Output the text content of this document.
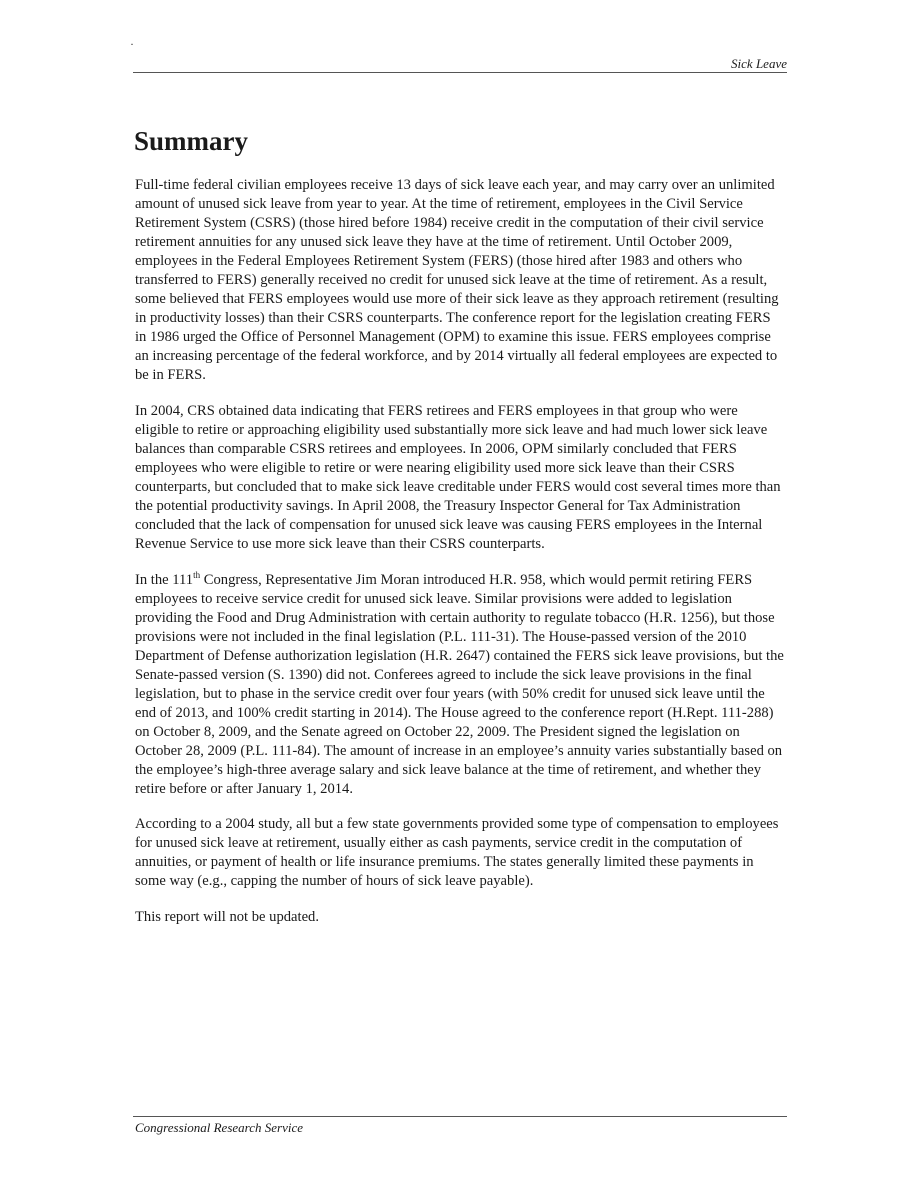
·
Sick Leave
Summary

Full-time federal civilian employees receive 13 days of sick leave each year, and may carry over an unlimited amount of unused sick leave from year to year. At the time of retirement, employees in the Civil Service Retirement System (CSRS) (those hired before 1984) receive credit in the computation of their civil service retirement annuities for any unused sick leave they have at the time of retirement. Until October 2009, employees in the Federal Employees Retirement System (FERS) (those hired after 1983 and others who transferred to FERS) generally received no credit for unused sick leave at the time of retirement. As a result, some believed that FERS employees would use more of their sick leave as they approach retirement (resulting in productivity losses) than their CSRS counterparts. The conference report for the legislation creating FERS in 1986 urged the Office of Personnel Management (OPM) to examine this issue. FERS employees comprise an increasing percentage of the federal workforce, and by 2014 virtually all federal employees are expected to be in FERS.

In 2004, CRS obtained data indicating that FERS retirees and FERS employees in that group who were eligible to retire or approaching eligibility used substantially more sick leave and had much lower sick leave balances than comparable CSRS retirees and employees. In 2006, OPM similarly concluded that FERS employees who were eligible to retire or were nearing eligibility used more sick leave than their CSRS counterparts, but concluded that to make sick leave creditable under FERS would cost several times more than the potential productivity savings. In April 2008, the Treasury Inspector General for Tax Administration concluded that the lack of compensation for unused sick leave was causing FERS employees in the Internal Revenue Service to use more sick leave than their CSRS counterparts.

In the 111th Congress, Representative Jim Moran introduced H.R. 958, which would permit retiring FERS employees to receive service credit for unused sick leave. Similar provisions were added to legislation providing the Food and Drug Administration with certain authority to regulate tobacco (H.R. 1256), but those provisions were not included in the final legislation (P.L. 111-31). The House-passed version of the 2010 Department of Defense authorization legislation (H.R. 2647) contained the FERS sick leave provisions, but the Senate-passed version (S. 1390) did not. Conferees agreed to include the sick leave provisions in the final legislation, but to phase in the service credit over four years (with 50% credit for unused sick leave until the end of 2013, and 100% credit starting in 2014). The House agreed to the conference report (H.Rept. 111-288) on October 8, 2009, and the Senate agreed on October 22, 2009. The President signed the legislation on October 28, 2009 (P.L. 111-84). The amount of increase in an employee’s annuity varies substantially based on the employee’s high-three average salary and sick leave balance at the time of retirement, and whether they retire before or after January 1, 2014.

According to a 2004 study, all but a few state governments provided some type of compensation to employees for unused sick leave at retirement, usually either as cash payments, service credit in the computation of annuities, or payment of health or life insurance premiums. The states generally limited these payments in some way (e.g., capping the number of hours of sick leave payable).

This report will not be updated.

Congressional Research Service
